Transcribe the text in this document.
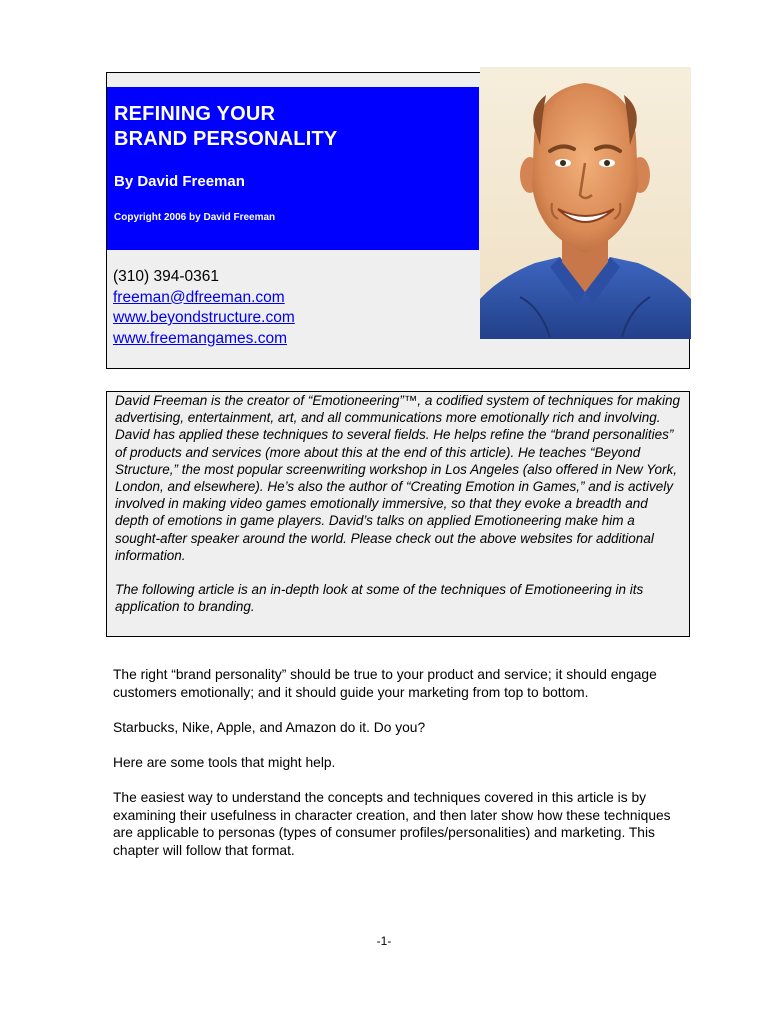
REFINING YOUR
BRAND PERSONALITY
By David Freeman
Copyright 2006 by David Freeman
(310) 394-0361
freeman@dfreeman.com
www.beyondstructure.com
www.freemangames.com

David Freeman is the creator of “Emotioneering”™, a codified system of techniques for making advertising, entertainment, art, and all communications more emotionally rich and involving. David has applied these techniques to several fields. He helps refine the “brand personalities” of products and services (more about this at the end of this article). He teaches “Beyond Structure,” the most popular screenwriting workshop in Los Angeles (also offered in New York, London, and elsewhere). He’s also the author of “Creating Emotion in Games,” and is actively involved in making video games emotionally immersive, so that they evoke a breadth and depth of emotions in game players. David’s talks on applied Emotioneering make him a sought-after speaker around the world. Please check out the above websites for additional information.

The following article is an in-depth look at some of the techniques of Emotioneering in its application to branding.

The right “brand personality” should be true to your product and service; it should engage customers emotionally; and it should guide your marketing from top to bottom.

Starbucks, Nike, Apple, and Amazon do it. Do you?

Here are some tools that might help.

The easiest way to understand the concepts and techniques covered in this article is by examining their usefulness in character creation, and then later show how these techniques are applicable to personas (types of consumer profiles/personalities) and marketing. This chapter will follow that format.

-1-
